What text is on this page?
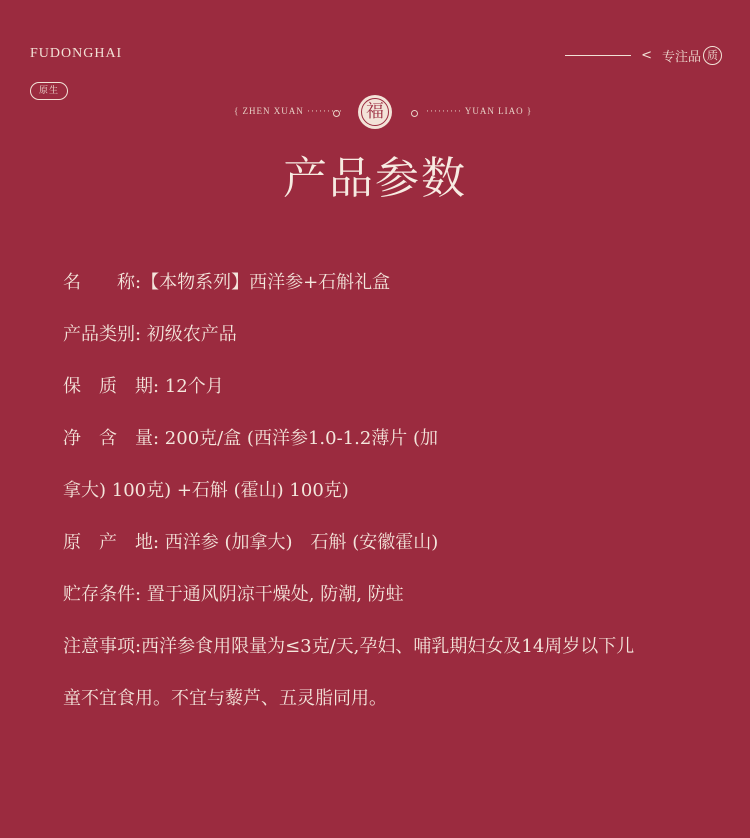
FUDONGHAI
原生
< 专注品 质
{ ZHEN XUAN ·········	福	········· YUAN LIAO }
产品参数
名　　称:【本物系列】西洋参+石斛礼盒
产品类别: 初级农产品
保　质　期: 12个月
净　含　量: 200克/盒 (西洋参1.0-1.2薄片 (加
拿大) 100克) +石斛 (霍山) 100克)
原　产　地: 西洋参 (加拿大)　石斛 (安徽霍山)
贮存条件: 置于通风阴凉干燥处, 防潮, 防蛀
注意事项:西洋参食用限量为≤3克/天,孕妇、哺乳期妇女及14周岁以下儿
童不宜食用。不宜与藜芦、五灵脂同用。
